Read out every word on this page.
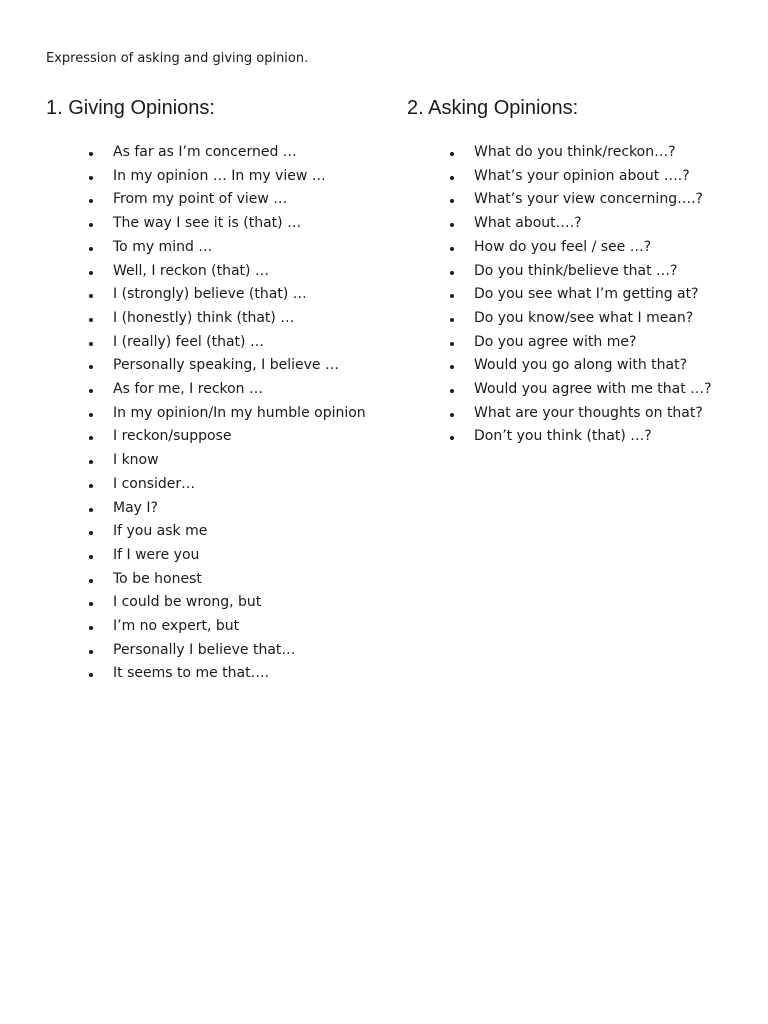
Expression of asking and giving opinion.

1. Giving Opinions:
As far as I’m concerned …
In my opinion … In my view …
From my point of view …
The way I see it is (that) …
To my mind …
Well, I reckon (that) …
I (strongly) believe (that) …
I (honestly) think (that) …
I (really) feel (that) …
Personally speaking, I believe …
As for me, I reckon …
In my opinion/In my humble opinion
I reckon/suppose
I know
I consider…
May I?
If you ask me
If I were you
To be honest
I could be wrong, but
I’m no expert, but
Personally I believe that…
It seems to me that….
2. Asking Opinions:
What do you think/reckon…?
What’s your opinion about ….?
What’s your view concerning….?
What about….?
How do you feel / see …?
Do you think/believe that …?
Do you see what I’m getting at?
Do you know/see what I mean?
Do you agree with me?
Would you go along with that?
Would you agree with me that …?
What are your thoughts on that?
Don’t you think (that) …?
